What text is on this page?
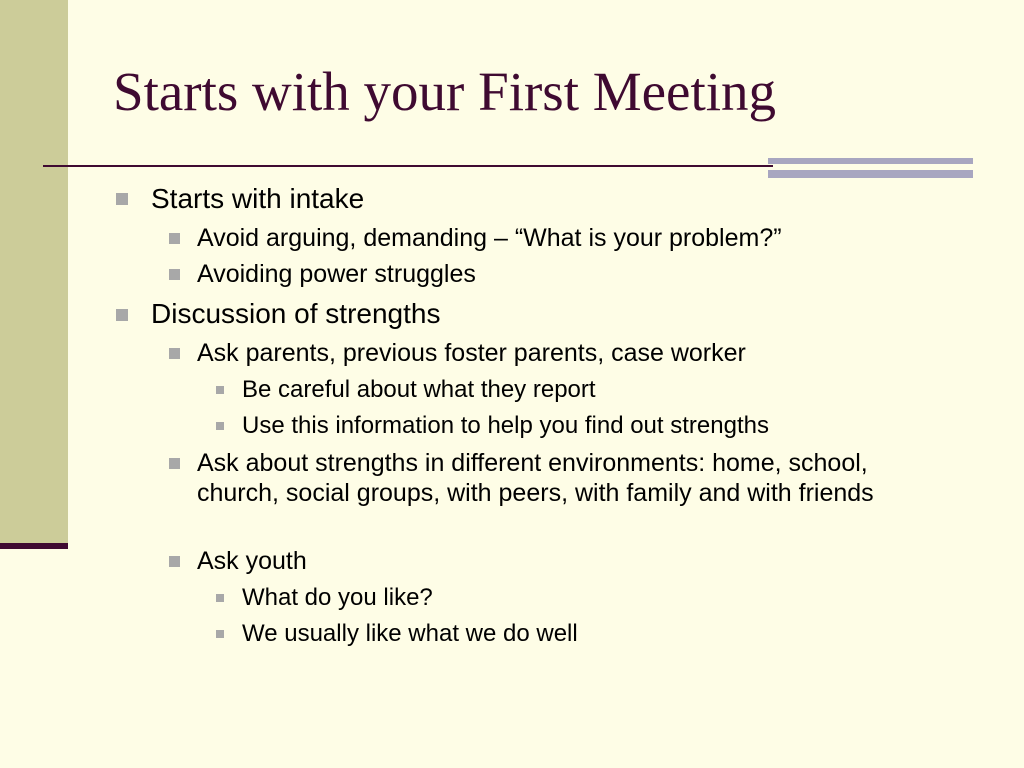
Starts with your First Meeting
Starts with intake
Avoid arguing, demanding – “What is your problem?”
Avoiding power struggles
Discussion of strengths
Ask parents, previous foster parents, case worker
Be careful about what they report
Use this information to help you find out strengths
Ask about strengths in different environments: home, school, church, social groups, with peers, with family and with friends
Ask youth
What do you like?
We usually like what we do well
